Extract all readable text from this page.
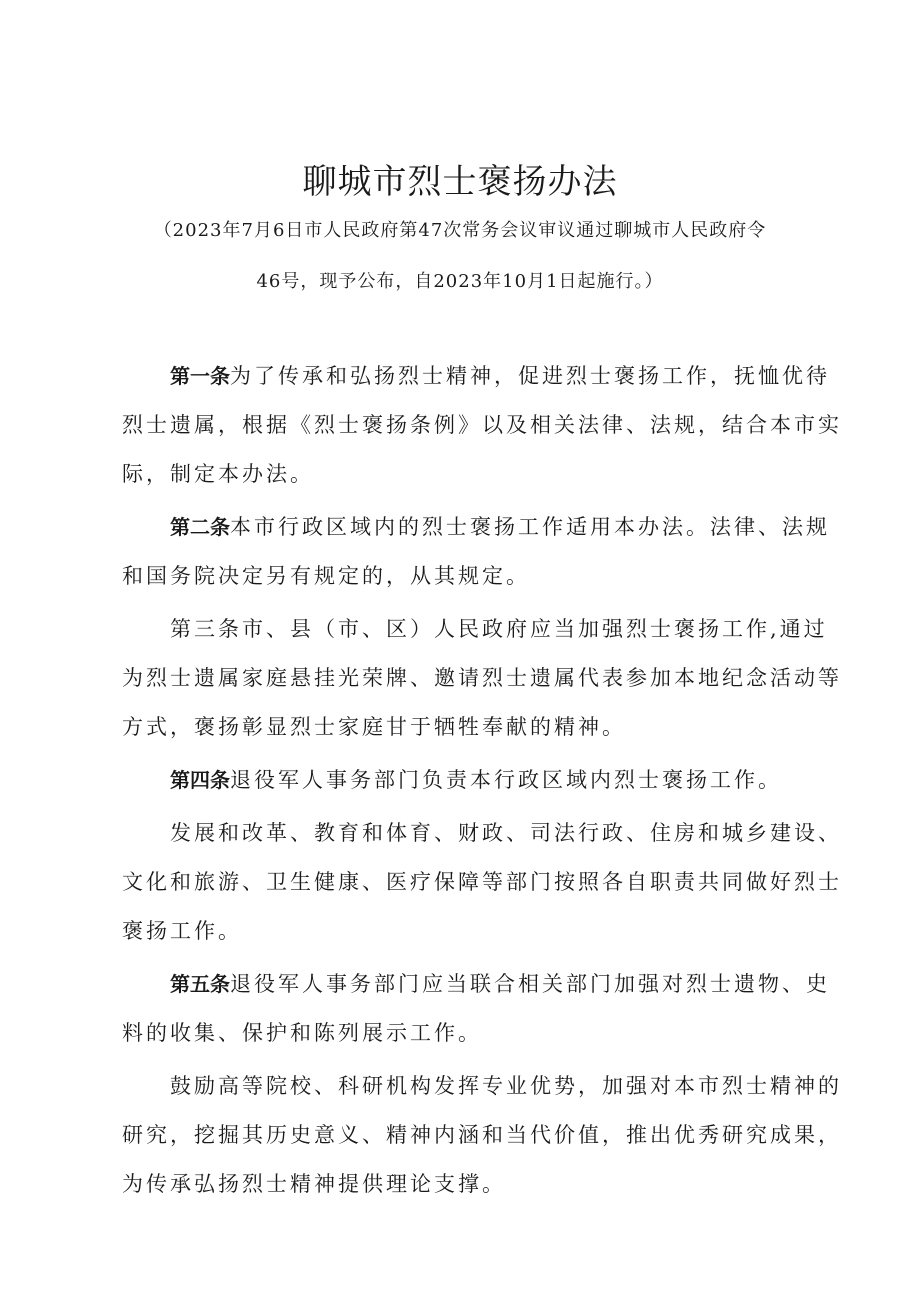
聊城市烈士褒扬办法
（2023年7月6日市人民政府第47次常务会议审议通过聊城市人民政府令
46号，现予公布，自2023年10月1日起施行。）

第一条为了传承和弘扬烈士精神，促进烈士褒扬工作，抚恤优待
烈士遗属，根据《烈士褒扬条例》以及相关法律、法规，结合本市实
际，制定本办法。

第二条本市行政区域内的烈士褒扬工作适用本办法。法律、法规
和国务院决定另有规定的，从其规定。

第三条市、县（市、区）人民政府应当加强烈士褒扬工作,通过
为烈士遗属家庭悬挂光荣牌、邀请烈士遗属代表参加本地纪念活动等
方式，褒扬彰显烈士家庭甘于牺牲奉献的精神。

第四条退役军人事务部门负责本行政区域内烈士褒扬工作。

发展和改革、教育和体育、财政、司法行政、住房和城乡建设、
文化和旅游、卫生健康、医疗保障等部门按照各自职责共同做好烈士
褒扬工作。

第五条退役军人事务部门应当联合相关部门加强对烈士遗物、史
料的收集、保护和陈列展示工作。

鼓励高等院校、科研机构发挥专业优势，加强对本市烈士精神的
研究，挖掘其历史意义、精神内涵和当代价值，推出优秀研究成果，
为传承弘扬烈士精神提供理论支撑。
